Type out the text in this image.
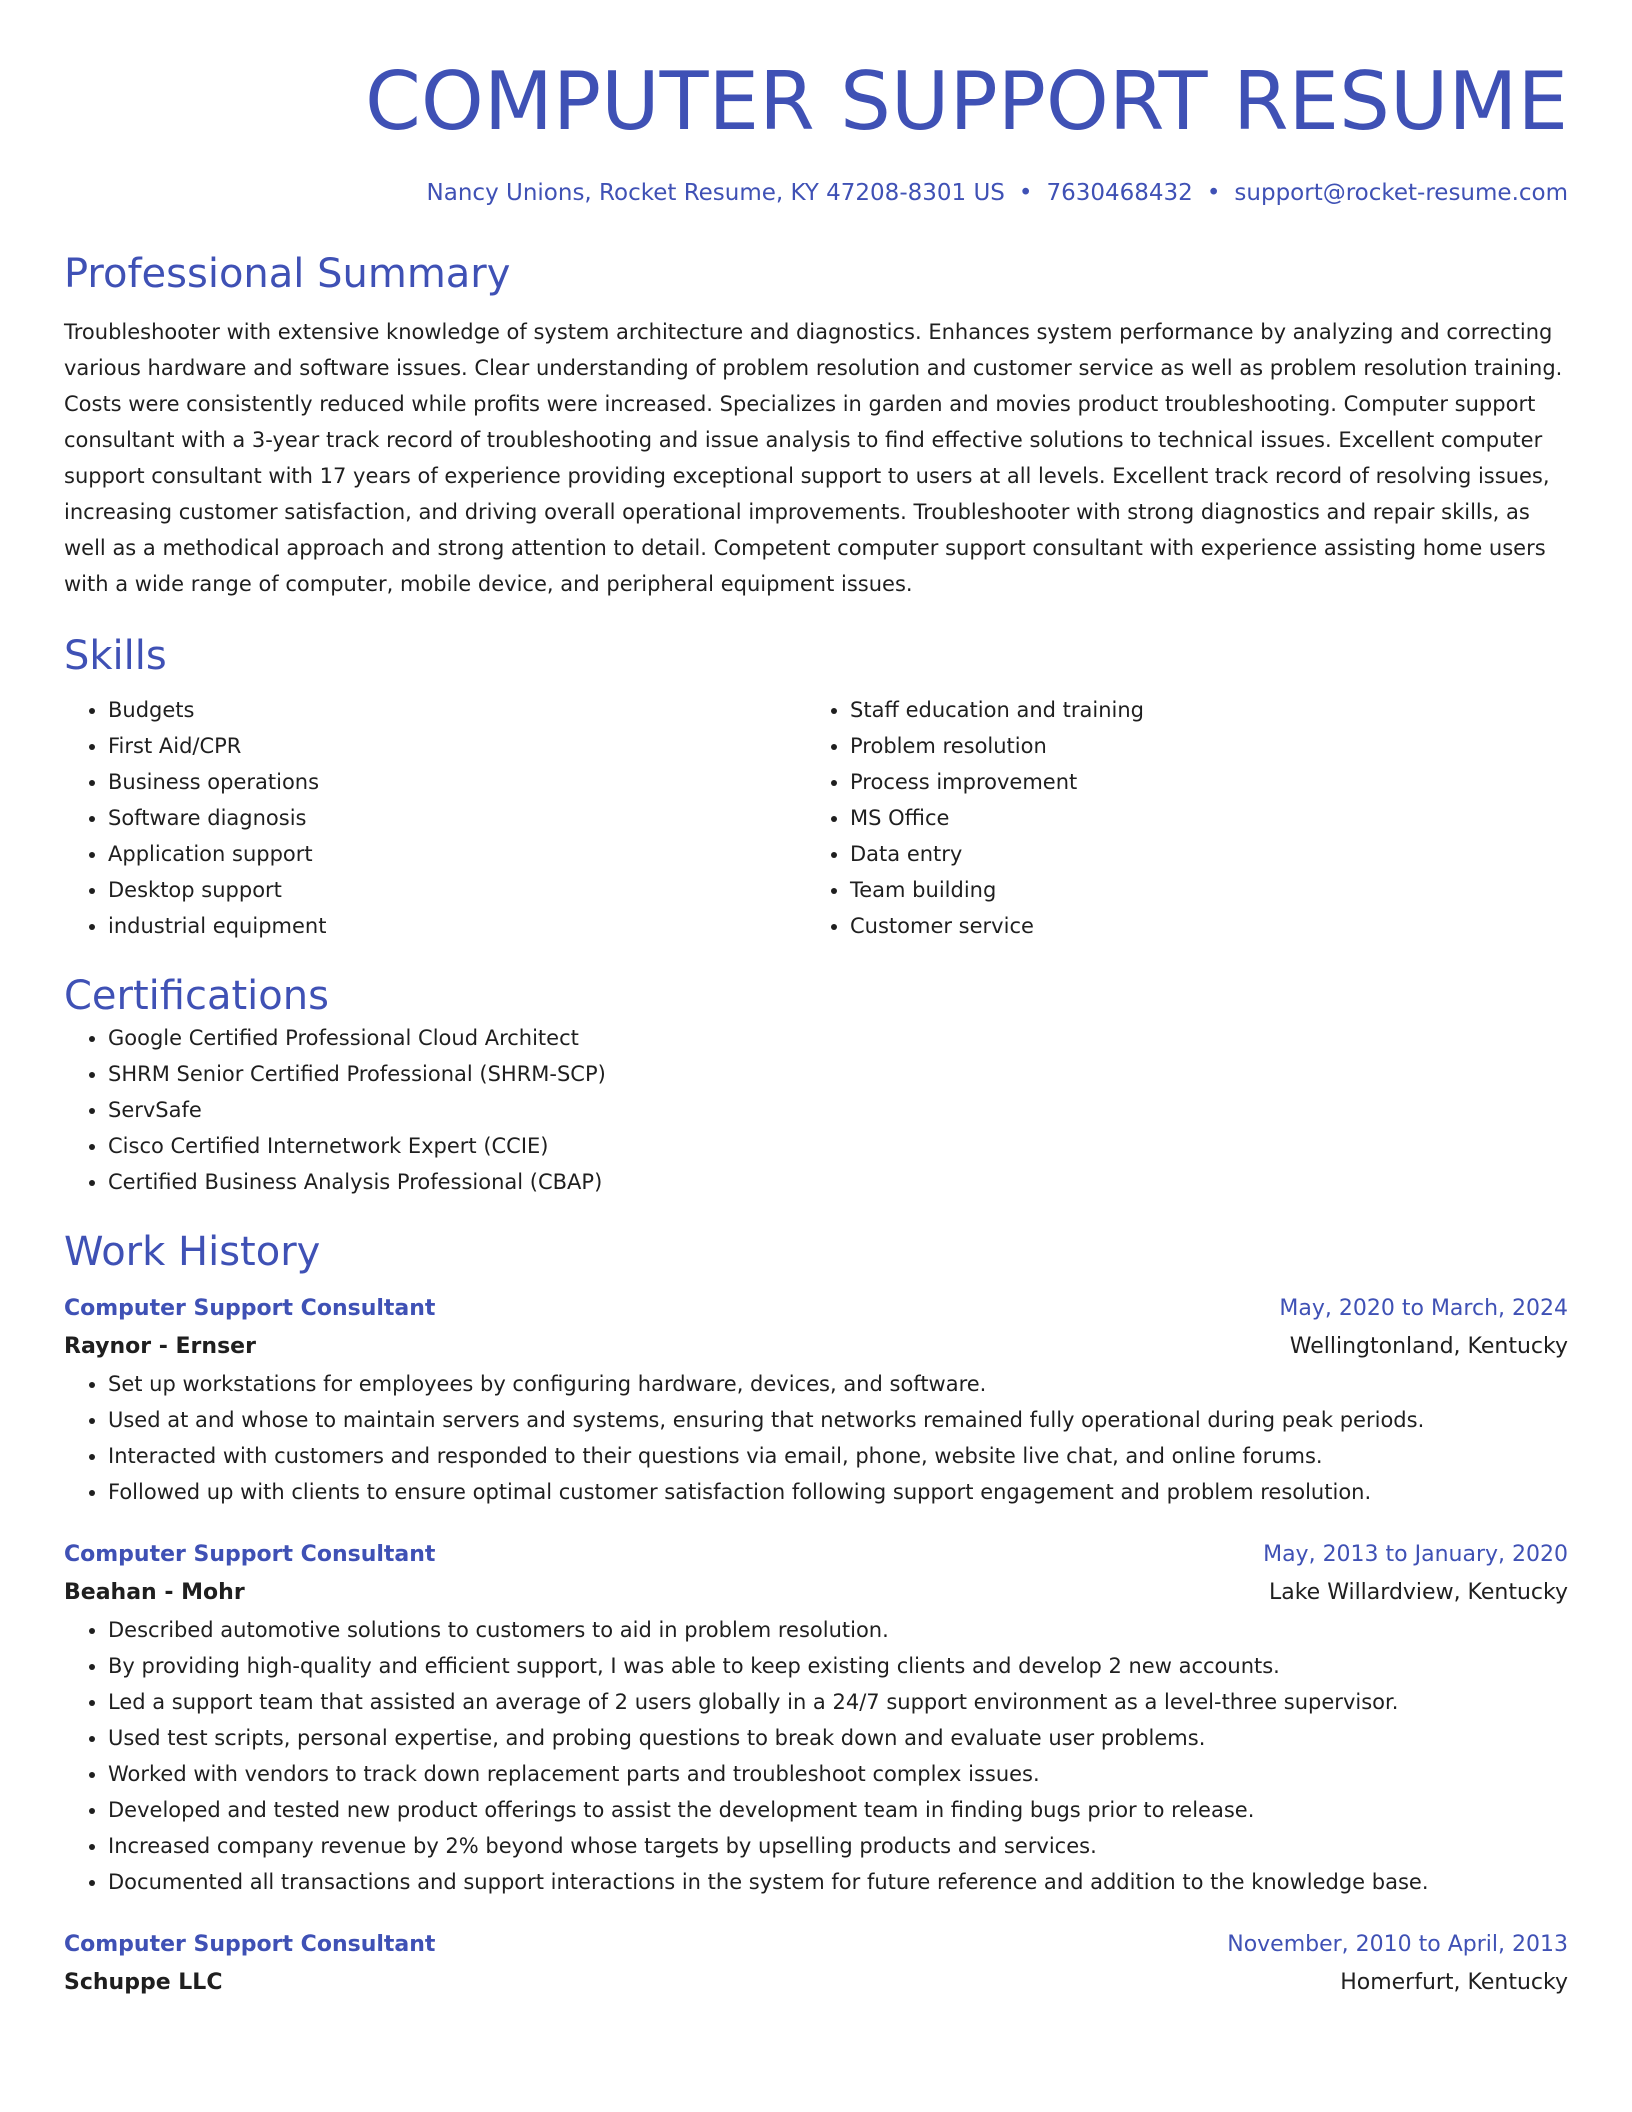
COMPUTER SUPPORT RESUME
Nancy Unions, Rocket Resume, KY 47208-8301 US • 7630468432 • support@rocket-resume.com
Professional Summary

Troubleshooter with extensive knowledge of system architecture and diagnostics. Enhances system performance by analyzing and correcting various hardware and software issues. Clear understanding of problem resolution and customer service as well as problem resolution training. Costs were consistently reduced while profits were increased. Specializes in garden and movies product troubleshooting. Computer support consultant with a 3-year track record of troubleshooting and issue analysis to find effective solutions to technical issues. Excellent computer support consultant with 17 years of experience providing exceptional support to users at all levels. Excellent track record of resolving issues, increasing customer satisfaction, and driving overall operational improvements. Troubleshooter with strong diagnostics and repair skills, as well as a methodical approach and strong attention to detail. Competent computer support consultant with experience assisting home users with a wide range of computer, mobile device, and peripheral equipment issues.

Skills
• Budgets
• First Aid/CPR
• Business operations
• Software diagnosis
• Application support
• Desktop support
• industrial equipment
• Staff education and training
• Problem resolution
• Process improvement
• MS Office
• Data entry
• Team building
• Customer service
Certifications
• Google Certified Professional Cloud Architect
• SHRM Senior Certified Professional (SHRM-SCP)
• ServSafe
• Cisco Certified Internetwork Expert (CCIE)
• Certified Business Analysis Professional (CBAP)
Work History
Computer Support Consultant	May, 2020 to March, 2024
Raynor - Ernser	Wellingtonland, Kentucky
• Set up workstations for employees by configuring hardware, devices, and software.
• Used at and whose to maintain servers and systems, ensuring that networks remained fully operational during peak periods.
• Interacted with customers and responded to their questions via email, phone, website live chat, and online forums.
• Followed up with clients to ensure optimal customer satisfaction following support engagement and problem resolution.
Computer Support Consultant	May, 2013 to January, 2020
Beahan - Mohr	Lake Willardview, Kentucky
• Described automotive solutions to customers to aid in problem resolution.
• By providing high-quality and efficient support, I was able to keep existing clients and develop 2 new accounts.
• Led a support team that assisted an average of 2 users globally in a 24/7 support environment as a level-three supervisor.
• Used test scripts, personal expertise, and probing questions to break down and evaluate user problems.
• Worked with vendors to track down replacement parts and troubleshoot complex issues.
• Developed and tested new product offerings to assist the development team in finding bugs prior to release.
• Increased company revenue by 2% beyond whose targets by upselling products and services.
• Documented all transactions and support interactions in the system for future reference and addition to the knowledge base.
Computer Support Consultant	November, 2010 to April, 2013
Schuppe LLC	Homerfurt, Kentucky
